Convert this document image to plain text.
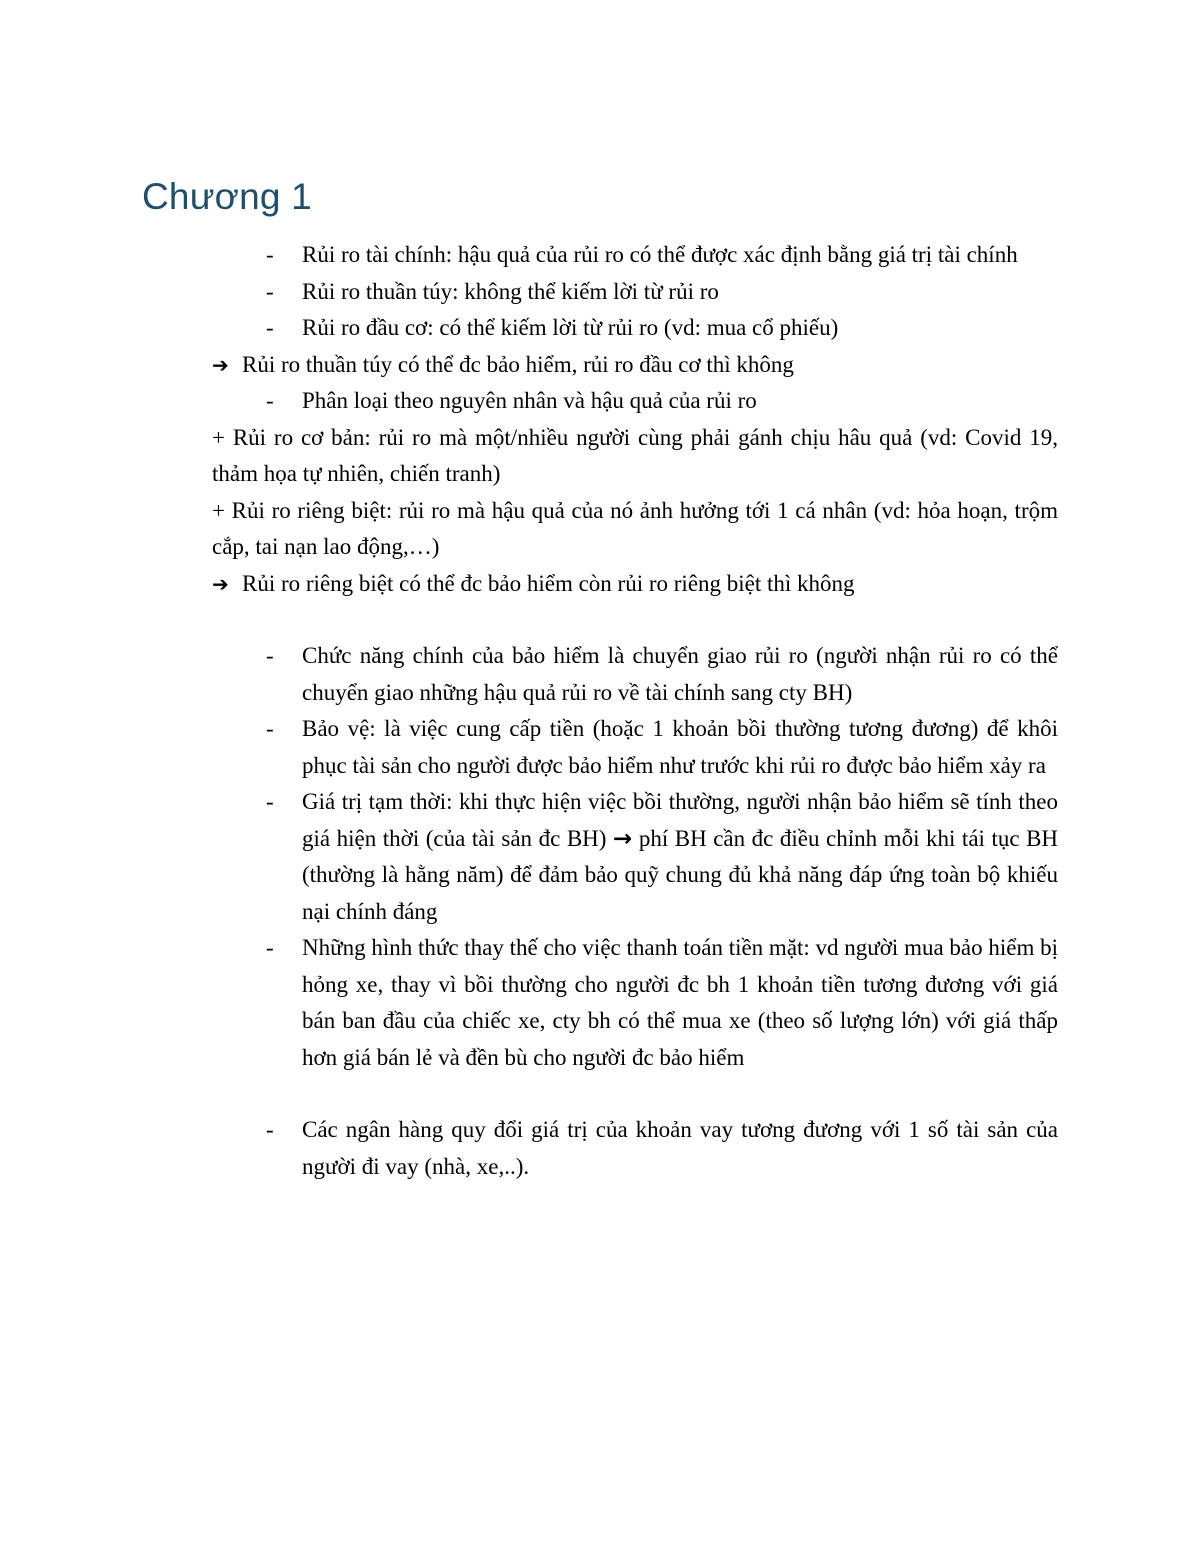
Chương 1
- Rủi ro tài chính: hậu quả của rủi ro có thể được xác định bằng giá trị tài chính
- Rủi ro thuần túy: không thể kiếm lời từ rủi ro
- Rủi ro đầu cơ: có thể kiếm lời từ rủi ro (vd: mua cổ phiếu)

➔ Rủi ro thuần túy có thể đc bảo hiểm, rủi ro đầu cơ thì không

- Phân loại theo nguyên nhân và hậu quả của rủi ro

+ Rủi ro cơ bản: rủi ro mà một/nhiều người cùng phải gánh chịu hâu quả (vd: Covid 19, thảm họa tự nhiên, chiến tranh)

+ Rủi ro riêng biệt: rủi ro mà hậu quả của nó ảnh hưởng tới 1 cá nhân (vd: hỏa hoạn, trộm cắp, tai nạn lao động,…)

➔ Rủi ro riêng biệt có thể đc bảo hiểm còn rủi ro riêng biệt thì không

- Chức năng chính của bảo hiểm là chuyển giao rủi ro (người nhận rủi ro có thể chuyển giao những hậu quả rủi ro về tài chính sang cty BH)
- Bảo vệ: là việc cung cấp tiền (hoặc 1 khoản bồi thường tương đương) để khôi phục tài sản cho người được bảo hiểm như trước khi rủi ro được bảo hiểm xảy ra
- Giá trị tạm thời: khi thực hiện việc bồi thường, người nhận bảo hiểm sẽ tính theo giá hiện thời (của tài sản đc BH) → phí BH cần đc điều chỉnh mỗi khi tái tục BH (thường là hằng năm) để đảm bảo quỹ chung đủ khả năng đáp ứng toàn bộ khiếu nại chính đáng
- Những hình thức thay thế cho việc thanh toán tiền mặt: vd người mua bảo hiểm bị hỏng xe, thay vì bồi thường cho người đc bh 1 khoản tiền tương đương với giá bán ban đầu của chiếc xe, cty bh có thể mua xe (theo số lượng lớn) với giá thấp hơn giá bán lẻ và đền bù cho người đc bảo hiểm
- Các ngân hàng quy đổi giá trị của khoản vay tương đương với 1 số tài sản của người đi vay (nhà, xe,..).
